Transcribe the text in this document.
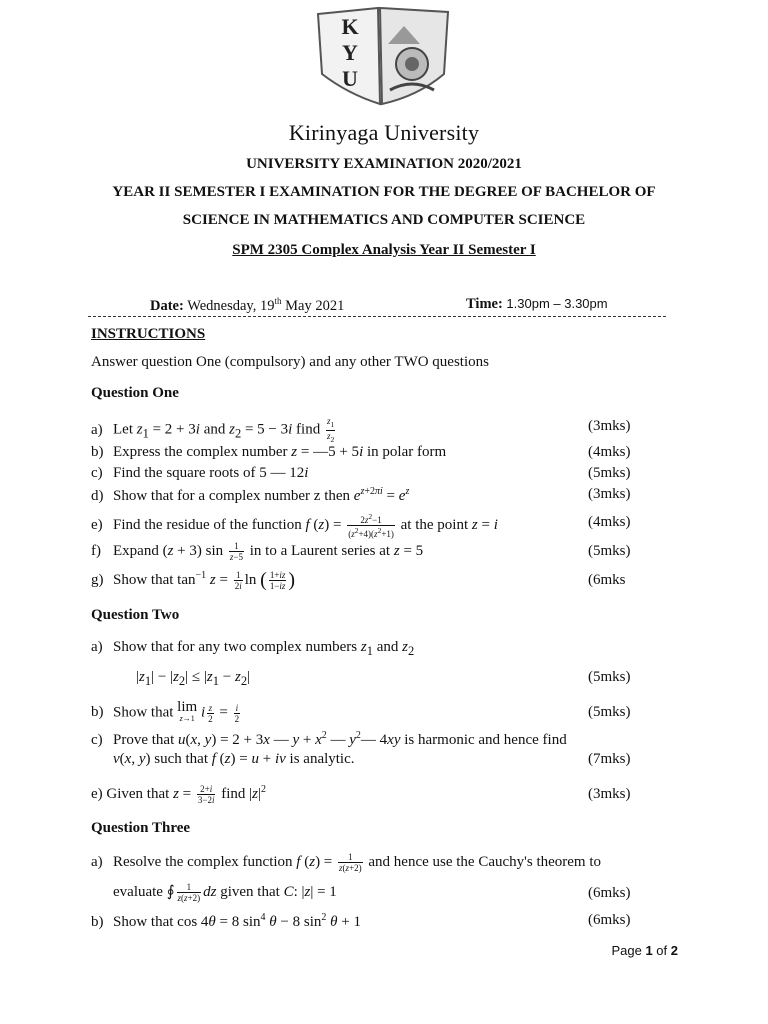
K
Y
U
Kirinyaga University
UNIVERSITY EXAMINATION 2020/2021
YEAR II SEMESTER I EXAMINATION FOR THE DEGREE OF BACHELOR OF
SCIENCE IN MATHEMATICS AND COMPUTER SCIENCE
SPM 2305 Complex Analysis Year II Semester I
Date: Wednesday, 19th May 2021	Time: 1.30pm – 3.30pm
INSTRUCTIONS
Answer question One (compulsory) and any other TWO questions
Question One
a) Let $z_1 = 2 + 3i$ and $z_2 = 5 - 3i$ find $\frac{z_1}{z_2}$	(3mks)
b) Express the complex number z = —5 + 5i in polar form	(4mks)
c) Find the square roots of 5 — 12i	(5mks)
d) Show that for a complex number z then $e^{z+2\pi i} = e^z$	(3mks)
e) Find the residue of the function f $(z) = \frac{2z^2-1}{(z^2+4)(z^2+1)}$ at the point z = i	(4mks)
f) Expand (z + 3) $\sin \frac{1}{z-5}$ in to a Laurent series at z = 5	(5mks)
g) Show that $\tan^{-1} z = \frac{1}{2i}$ ln ( $\frac{1+iz}{1-iz}$ )	(6mks
Question Two
a) Show that for any two complex numbers $z_1$ and $z_2$
$|z_1| - |z_2| \le |z_1 - z_2|$	(5mks)
b) Show that lim
z→1 i $\frac{z}{2} = \frac{i}{2}$	(5mks)
c) Prove that u(x, y) = 2 + 3x — $y + x^2$ — $y^2—$ 4xy is harmonic and hence find
v(x, y) such that f (z) = u + iv is analytic.	(7mks)
e) Given that $z = \frac{2+i}{3-2i}$ find $|z|^2$	(3mks)
Question Three
a) Resolve the complex function f $(z) = \frac{1}{z(z+2)}$ and hence use the Cauchy's theorem to
evaluate ∮ $\frac{1}{z(z+2)}$ dz given that C: |z| = 1	(6mks)
b) Show that cos 4θ = 8 $\sin^4 \theta - 8$ $\sin^2 \theta + 1$	(6mks)
Page 1 of 2
